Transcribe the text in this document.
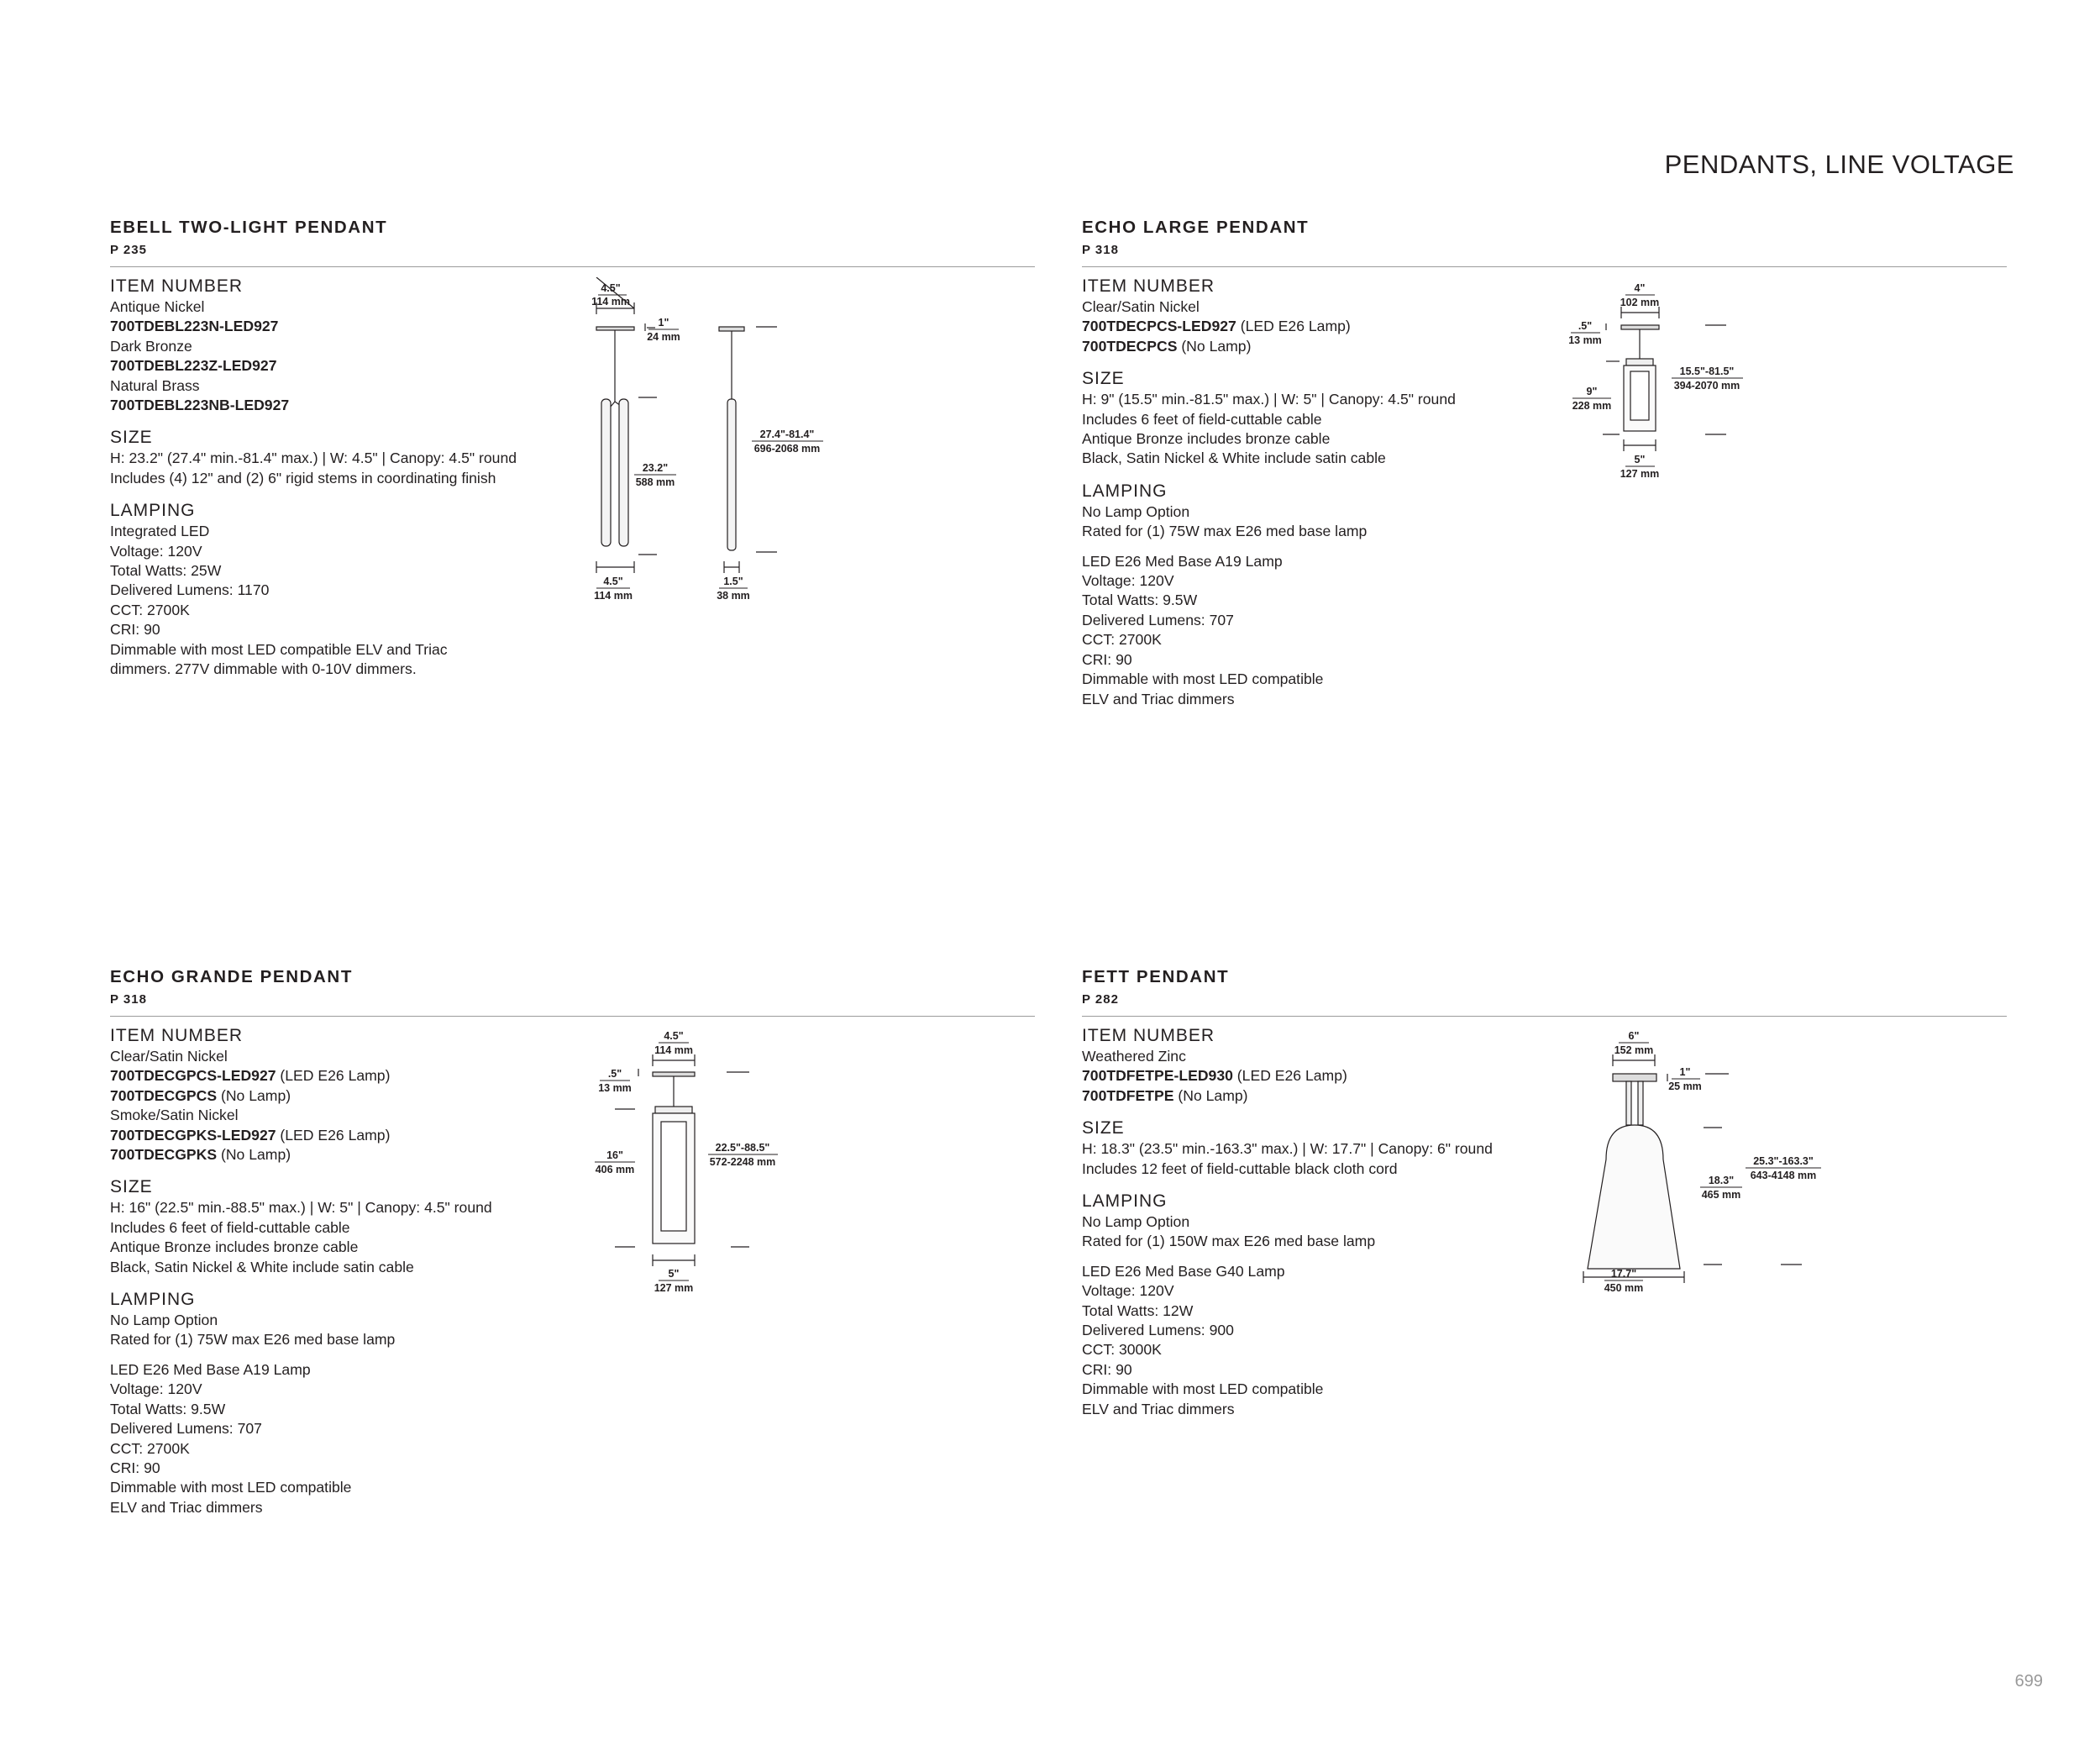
PENDANTS, LINE VOLTAGE
EBELL TWO-LIGHT PENDANT
P 235

ITEM NUMBER

Antique Nickel

700TDEBL223N-LED927

Dark Bronze

700TDEBL223Z-LED927

Natural Brass

700TDEBL223NB-LED927

SIZE

H: 23.2" (27.4" min.-81.4" max.) | W: 4.5" | Canopy: 4.5" round

Includes (4) 12" and (2) 6" rigid stems in coordinating finish

LAMPING

Integrated LED

Voltage: 120V

Total Watts: 25W

Delivered Lumens: 1170

CCT: 2700K

CRI: 90

Dimmable with most LED compatible ELV and Triac

dimmers. 277V dimmable with 0-10V dimmers.

4.5"
114 mm
1"
24 mm
23.2"
588 mm
27.4"-81.4"
696-2068 mm
4.5"
114 mm
1.5"
38 mm
ECHO LARGE PENDANT
P 318

ITEM NUMBER

Clear/Satin Nickel

700TDECPCS-LED927 (LED E26 Lamp)

700TDECPCS (No Lamp)

SIZE

H: 9" (15.5" min.-81.5" max.) | W: 5" | Canopy: 4.5" round

Includes 6 feet of field-cuttable cable

Antique Bronze includes bronze cable

Black, Satin Nickel & White include satin cable

LAMPING

No Lamp Option

Rated for (1) 75W max E26 med base lamp

LED E26 Med Base A19 Lamp

Voltage: 120V

Total Watts: 9.5W

Delivered Lumens: 707

CCT: 2700K

CRI: 90

Dimmable with most LED compatible

ELV and Triac dimmers

4"
102 mm
.5"
13 mm
15.5"-81.5"
394-2070 mm
9"
228 mm
5"
127 mm
ECHO GRANDE PENDANT
P 318

ITEM NUMBER

Clear/Satin Nickel

700TDECGPCS-LED927 (LED E26 Lamp)

700TDECGPCS (No Lamp)

Smoke/Satin Nickel

700TDECGPKS-LED927 (LED E26 Lamp)

700TDECGPKS (No Lamp)

SIZE

H: 16" (22.5" min.-88.5" max.) | W: 5" | Canopy: 4.5" round

Includes 6 feet of field-cuttable cable

Antique Bronze includes bronze cable

Black, Satin Nickel & White include satin cable

LAMPING

No Lamp Option

Rated for (1) 75W max E26 med base lamp

LED E26 Med Base A19 Lamp

Voltage: 120V

Total Watts: 9.5W

Delivered Lumens: 707

CCT: 2700K

CRI: 90

Dimmable with most LED compatible

ELV and Triac dimmers

4.5"
114 mm
.5"
13 mm
22.5"-88.5"
572-2248 mm
16"
406 mm
5"
127 mm
FETT PENDANT
P 282

ITEM NUMBER

Weathered Zinc

700TDFETPE-LED930 (LED E26 Lamp)

700TDFETPE (No Lamp)

SIZE

H: 18.3" (23.5" min.-163.3" max.) | W: 17.7" | Canopy: 6" round

Includes 12 feet of field-cuttable black cloth cord

LAMPING

No Lamp Option

Rated for (1) 150W max E26 med base lamp

LED E26 Med Base G40 Lamp

Voltage: 120V

Total Watts: 12W

Delivered Lumens: 900

CCT: 3000K

CRI: 90

Dimmable with most LED compatible

ELV and Triac dimmers

6"
152 mm
1"
25 mm
25.3"-163.3"
643-4148 mm
18.3"
465 mm
17.7"
450 mm
699
